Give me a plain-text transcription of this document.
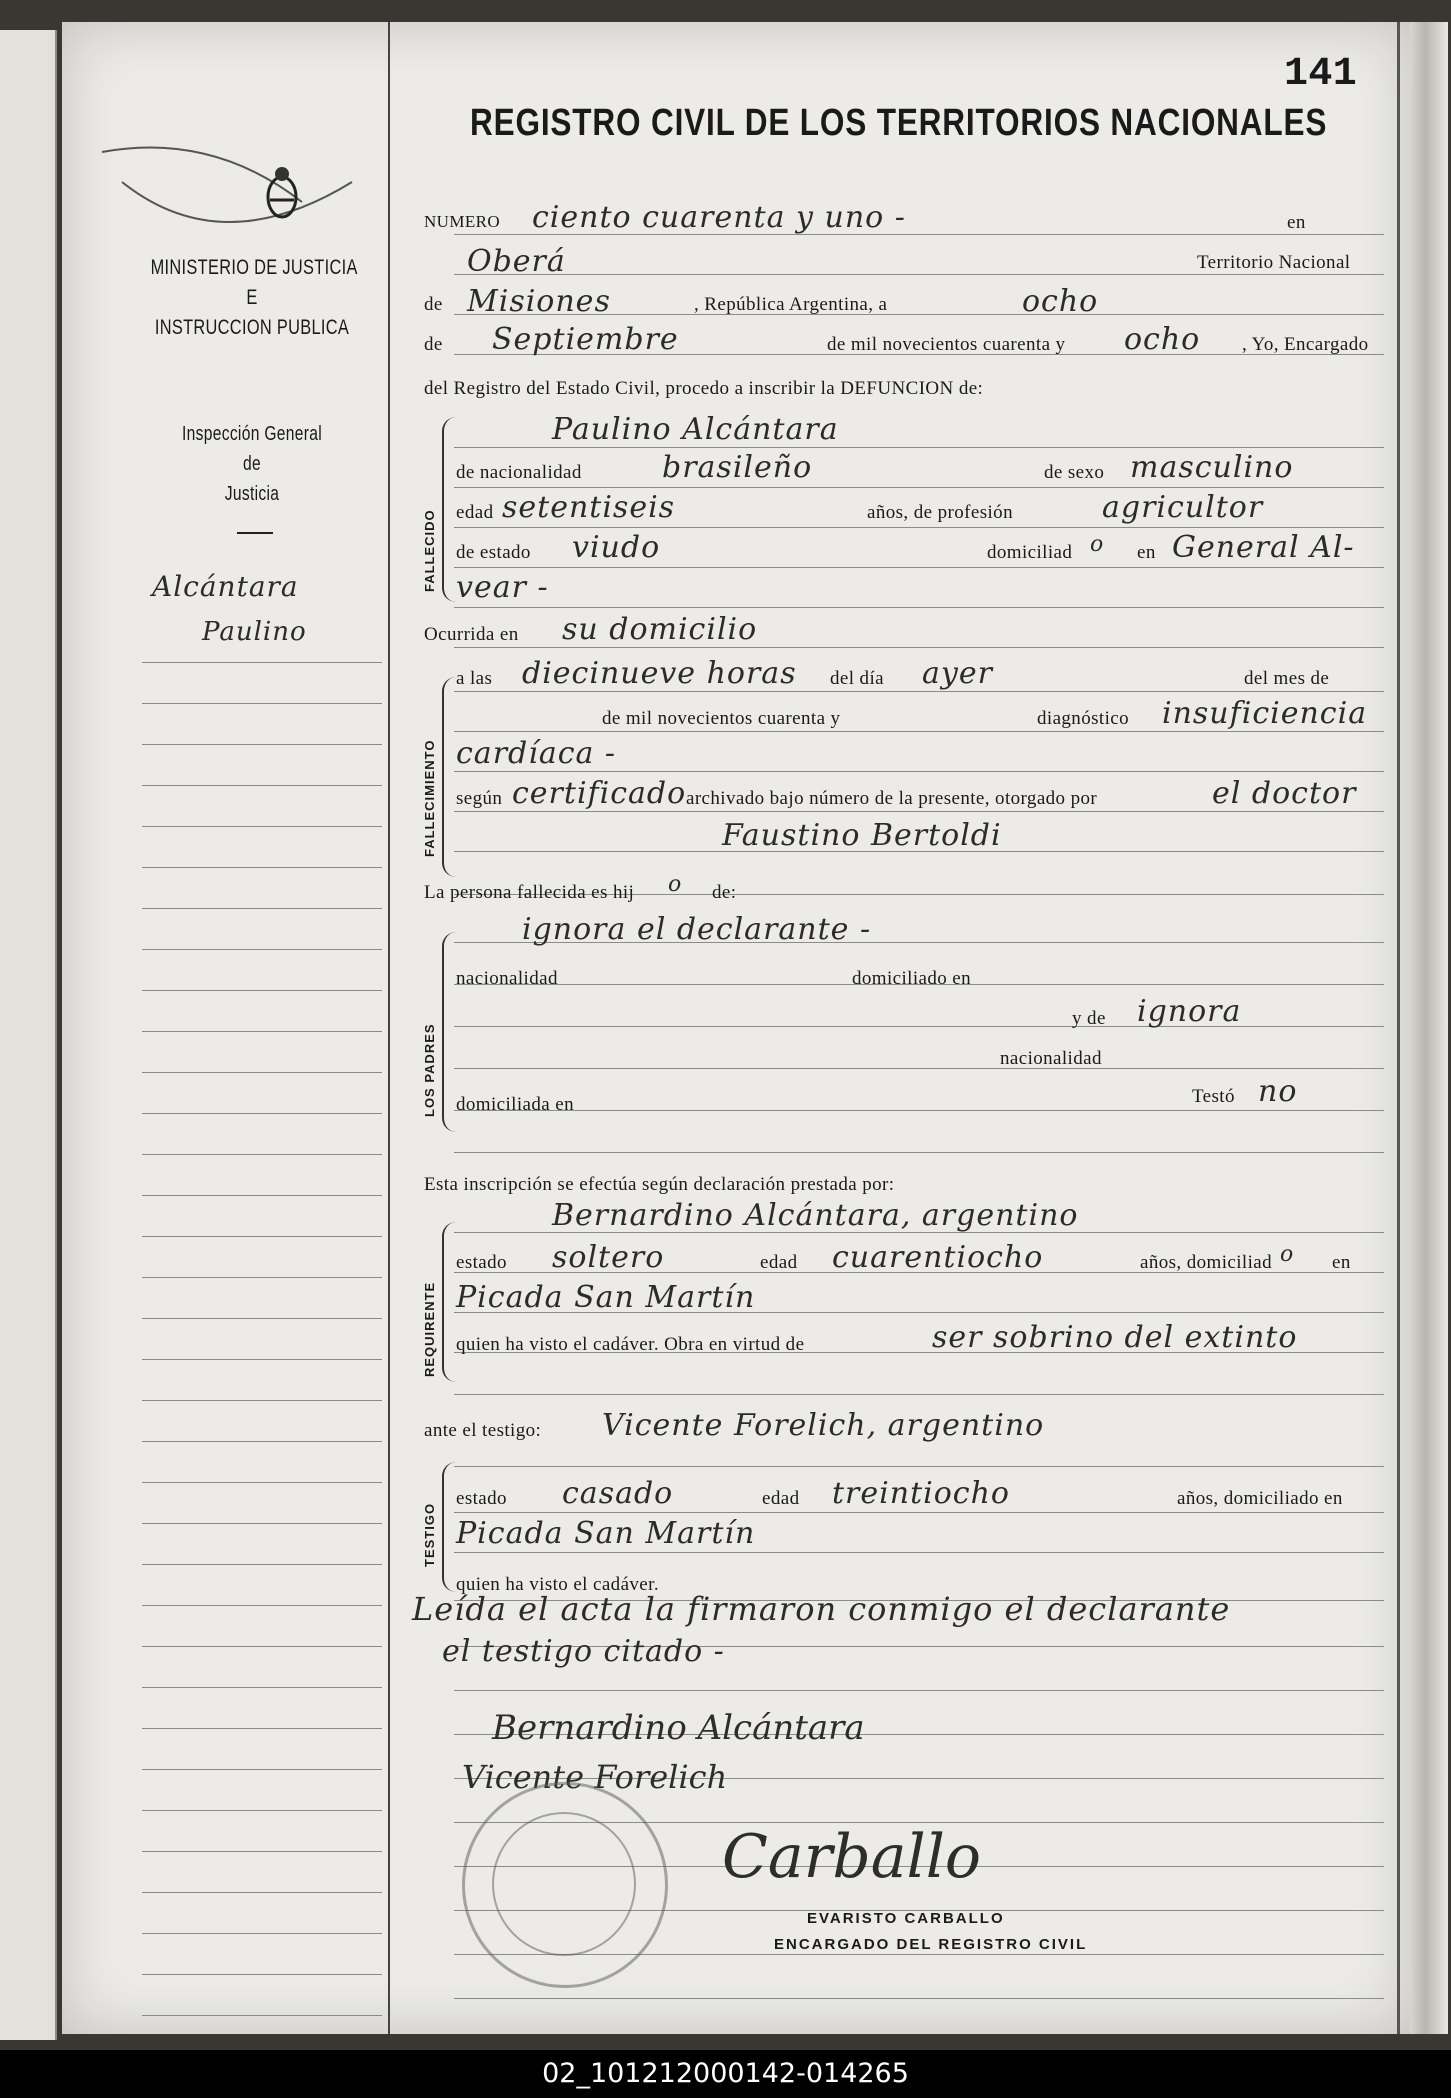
141
REGISTRO CIVIL DE LOS TERRITORIOS NACIONALES
MINISTERIO DE JUSTICIA
E
INSTRUCCION PUBLICA
Inspección General
de
Justicia
Alcántara
Paulino
FALLECIDO
FALLECIMIENTO
LOS PADRES
REQUIRENTE
TESTIGO
NUMERO ciento cuarenta y uno -	en
Oberá	Territorio Nacional
de Misiones	, República Argentina, a	ocho
de Septiembre	de mil novecientos cuarenta y ocho , Yo, Encargado
del Registro del Estado Civil, procedo a inscribir la DEFUNCION de:
Paulino Alcántara
de nacionalidad	brasileño	de sexo masculino
edad setentiseis	años, de profesión	agricultor
de estado viudo	domiciliad o en General Al-
vear -
Ocurrida en su domicilio
a las diecinueve horas del día ayer	del mes de
de mil novecientos cuarenta y	diagnóstico insuficiencia
cardíaca -
según certificado archivado bajo número de la presente, otorgado por	el doctor
Faustino Bertoldi
La persona fallecida es hij o de:
ignora el declarante -
nacionalidad	domiciliado en
y de ignora
nacionalidad
domiciliada en	Testó no
Esta inscripción se efectúa según declaración prestada por:
Bernardino Alcántara, argentino
estado soltero	edad cuarentiocho	años, domiciliad o en
Picada San Martín
quien ha visto el cadáver. Obra en virtud de	ser sobrino del extinto
ante el testigo: Vicente Forelich, argentino
estado casado	edad treintiocho	años, domiciliado en
Picada San Martín
quien ha visto el cadáver.
Leída el acta la firmaron conmigo el declarante
el testigo citado -
Bernardino Alcántara
Vicente Forelich
Carballo
EVARISTO CARBALLO
ENCARGADO DEL REGISTRO CIVIL
02_101212000142-014265
